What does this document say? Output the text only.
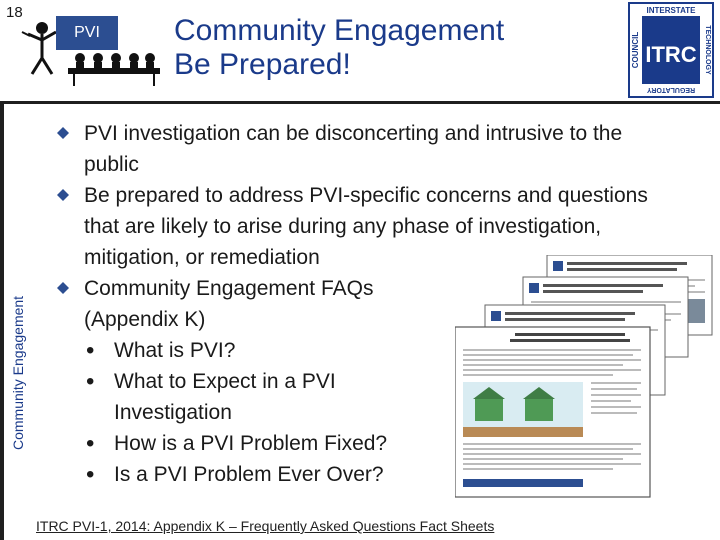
18
PVI	Community Engagement
Be Prepared!	ITRC
INTERSTATE
REGULATORY
COUNCIL	TECHNOLOGY
Community Engagement
PVI investigation can be disconcerting and intrusive to the public
Be prepared to address PVI-specific concerns and questions that are likely to arise during any phase of investigation, mitigation, or remediation
Community Engagement FAQs (Appendix K)
• What is PVI?
• What to Expect in a PVI Investigation
• How is a PVI Problem Fixed?
• Is a PVI Problem Ever Over?
ITRC PVI-1, 2014: Appendix K – Frequently Asked Questions Fact Sheets
